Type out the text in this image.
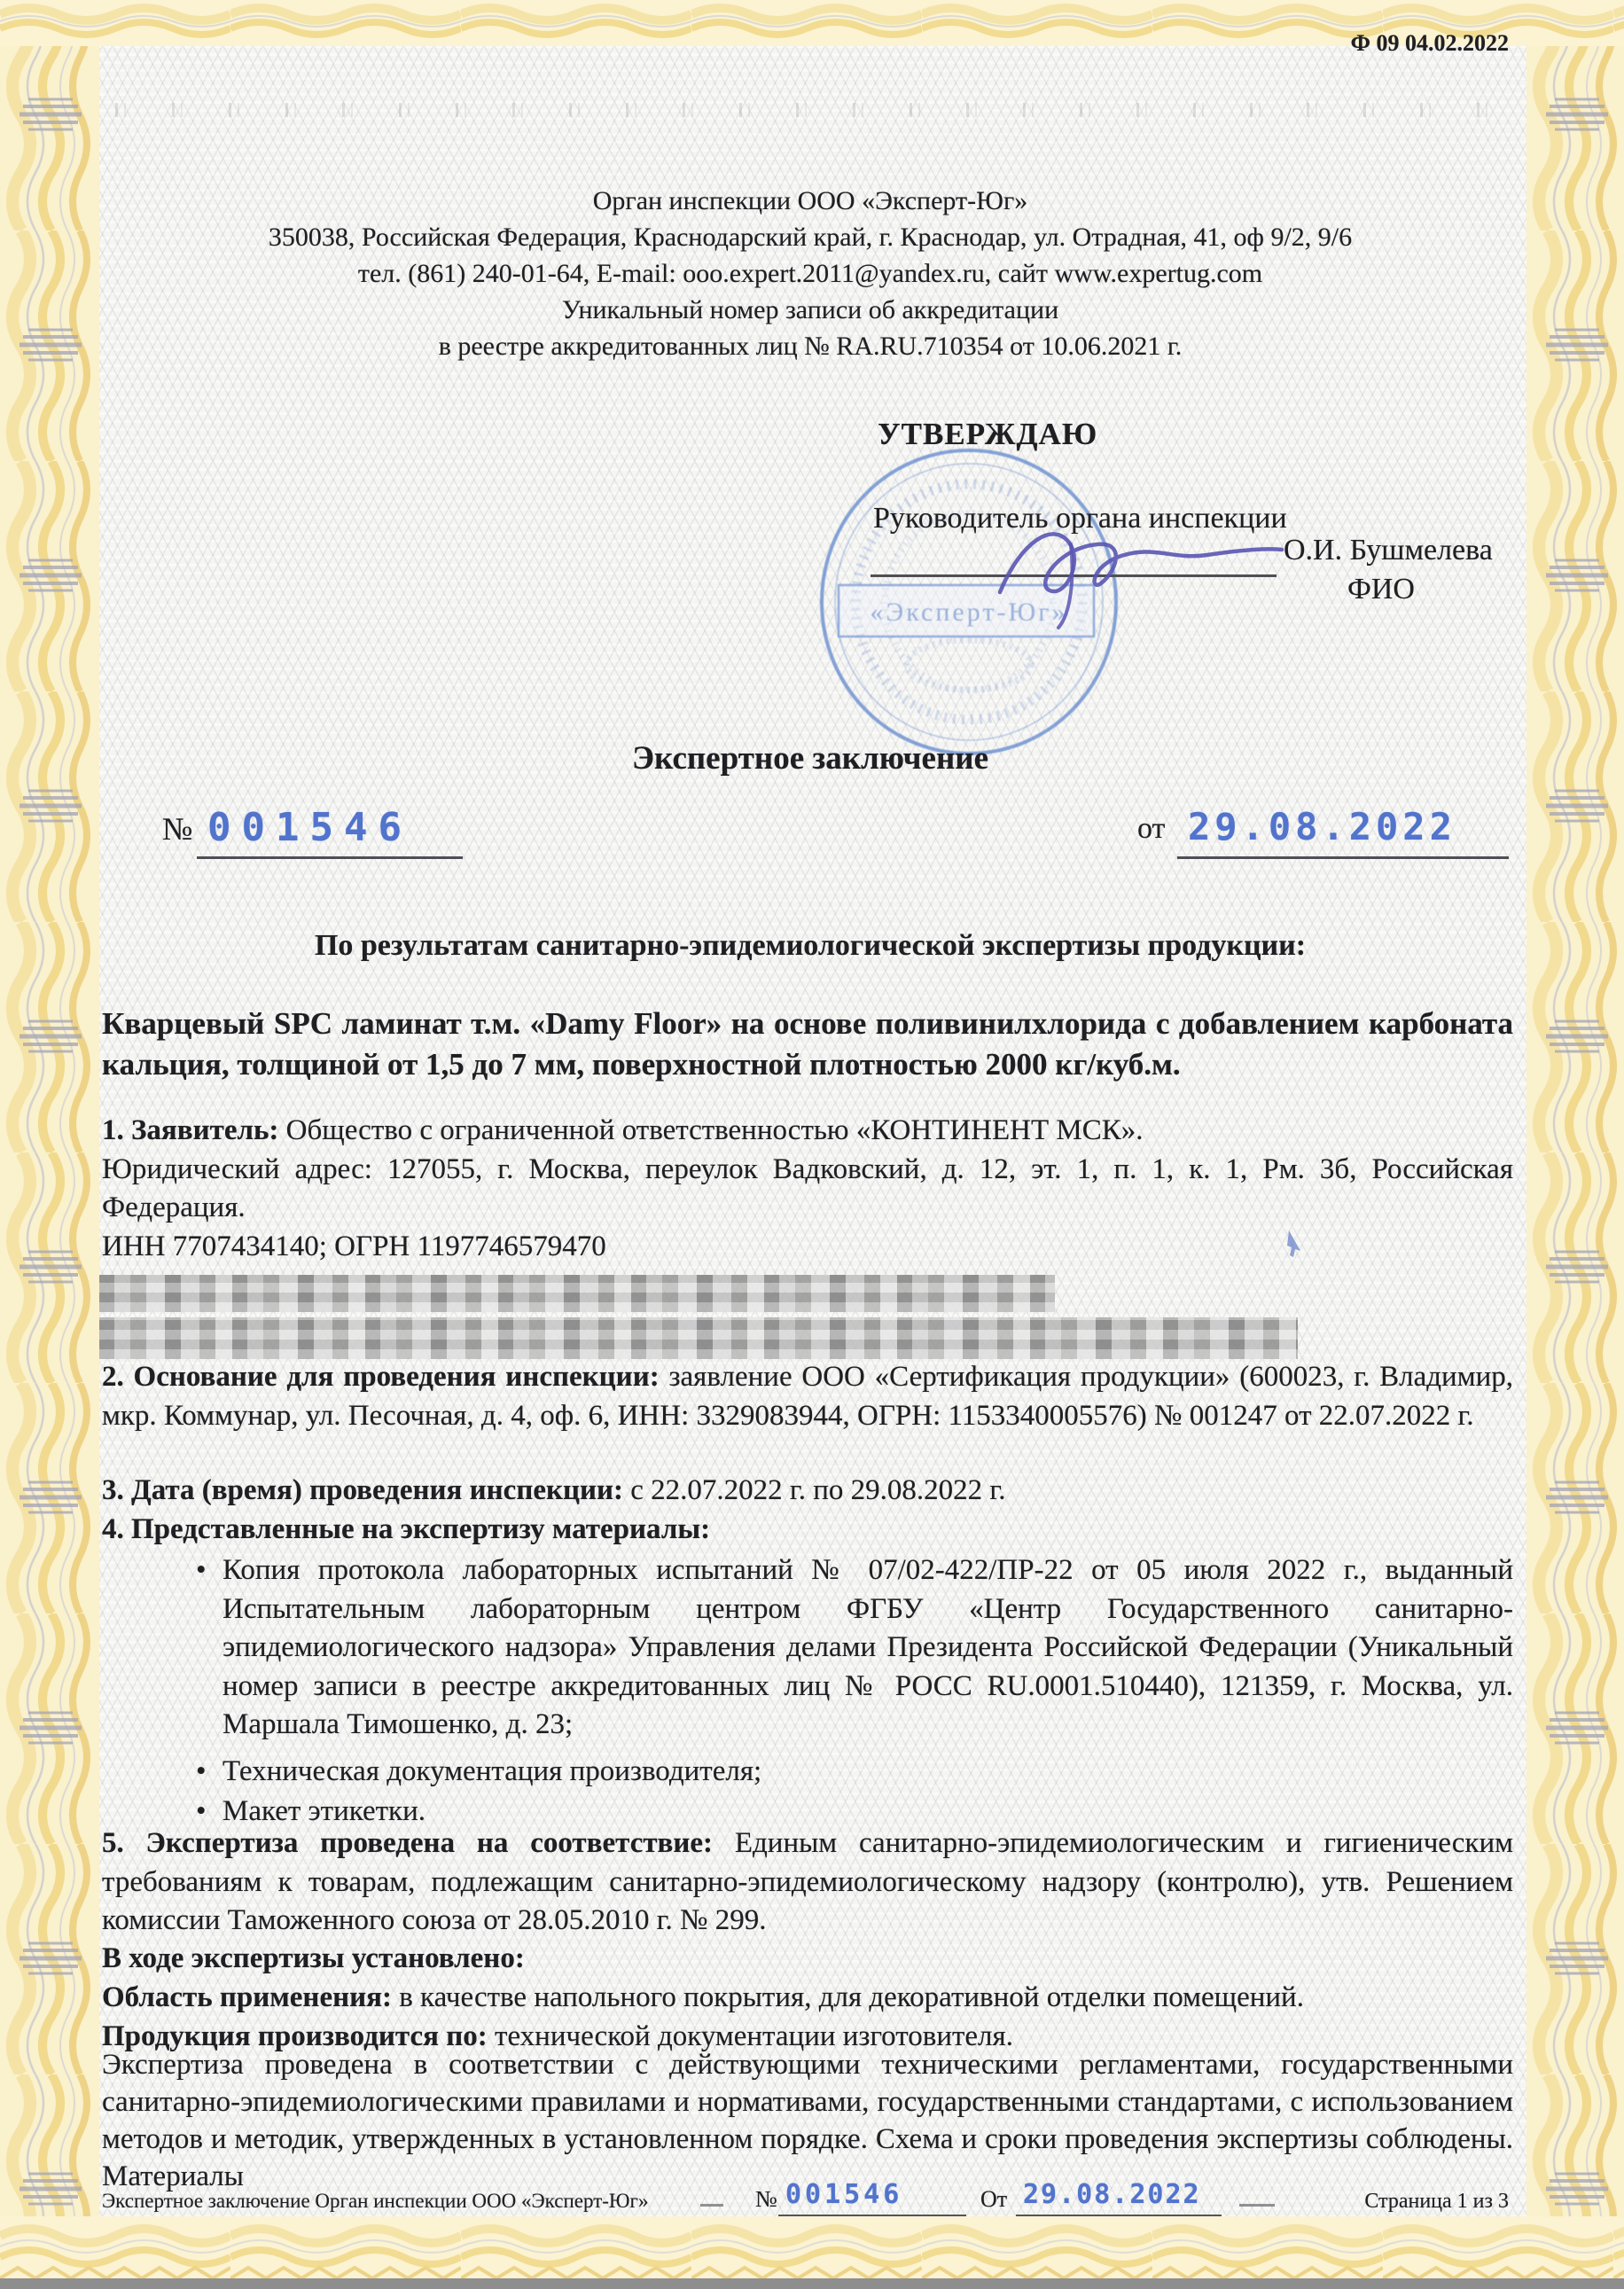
Ф 09 04.02.2022
Орган инспекции ООО «Эксперт-Юг»
350038, Российская Федерация, Краснодарский край, г. Краснодар, ул. Отрадная, 41, оф 9/2, 9/6
тел. (861) 240-01-64, E-mail: ooo.expert.2011@yandex.ru, сайт www.expertug.com
Уникальный номер записи об аккредитации
в реестре аккредитованных лиц № RA.RU.710354 от 10.06.2021 г.
УТВЕРЖДАЮ
«Эксперт-Юг»
Руководитель органа инспекции
О.И. Бушмелева
ФИО
Экспертное заключение
№ 001546	от 29.08.2022
По результатам санитарно-эпидемиологической экспертизы продукции:
Кварцевый SPC ламинат т.м. «Damy Floor» на основе поливинилхлорида с добавлением карбоната кальция, толщиной от 1,5 до 7 мм, поверхностной плотностью 2000 кг/куб.м.

1. Заявитель: Общество с ограниченной ответственностью «КОНТИНЕНТ МСК».

Юридический адрес: 127055, г. Москва, переулок Вадковский, д. 12, эт. 1, п. 1, к. 1, Рм. 3б, Российская Федерация.

ИНН 7707434140; ОГРН 1197746579470

2. Основание для проведения инспекции: заявление ООО «Сертификация продукции» (600023, г. Владимир, мкр. Коммунар, ул. Песочная, д. 4, оф. 6, ИНН: 3329083944, ОГРН: 1153340005576) № 001247 от 22.07.2022 г.
3. Дата (время) проведения инспекции: с 22.07.2022 г. по 29.08.2022 г.
4. Представленные на экспертизу материалы:
• Копия протокола лабораторных испытаний № 07/02-422/ПР-22 от 05 июля 2022 г., выданный Испытательным лабораторным центром ФГБУ «Центр Государственного санитарно-эпидемиологического надзора» Управления делами Президента Российской Федерации (Уникальный номер записи в реестре аккредитованных лиц № РОСС RU.0001.510440), 121359, г. Москва, ул. Маршала Тимошенко, д. 23;
• Техническая документация производителя;
• Макет этикетки.
5. Экспертиза проведена на соответствие: Единым санитарно-эпидемиологическим и гигиеническим требованиям к товарам, подлежащим санитарно-эпидемиологическому надзору (контролю), утв. Решением комиссии Таможенного союза от 28.05.2010 г. № 299.
В ходе экспертизы установлено:
Область применения: в качестве напольного покрытия, для декоративной отделки помещений.
Продукция производится по: технической документации изготовителя.
Экспертиза проведена в соответствии с действующими техническими регламентами, государственными санитарно-эпидемиологическими правилами и нормативами, государственными стандартами, с использованием методов и методик, утвержденных в установленном порядке. Схема и сроки проведения экспертизы соблюдены. Материалы
Экспертное заключение Орган инспекции ООО «Эксперт-Юг»	№ 001546	От 29.08.2022	Страница 1 из 3
